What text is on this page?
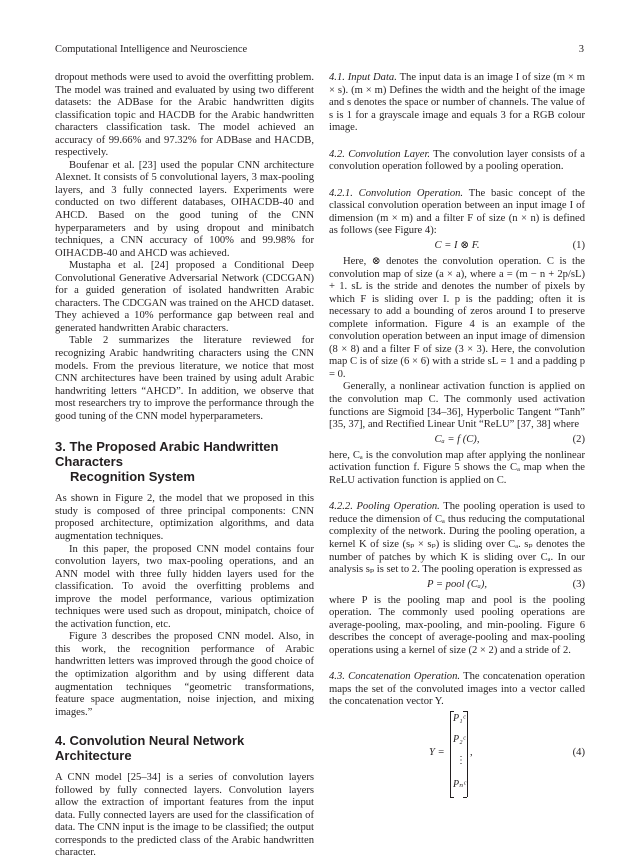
Computational Intelligence and Neuroscience	3

dropout methods were used to avoid the overfitting problem. The model was trained and evaluated by using two different datasets: the ADBase for the Arabic handwritten digits classification topic and HACDB for the Arabic handwritten characters classification task. The model achieved an accuracy of 99.66% and 97.32% for ADBase and HACDB, respectively.

Boufenar et al. [23] used the popular CNN architecture Alexnet. It consists of 5 convolutional layers, 3 max-pooling layers, and 3 fully connected layers. Experiments were conducted on two different databases, OIHACDB-40 and AHCD. Based on the good tuning of the CNN hyperparameters and by using dropout and minibatch techniques, a CNN accuracy of 100% and 99.98% for OIHACDB-40 and AHCD was achieved.

Mustapha et al. [24] proposed a Conditional Deep Convolutional Generative Adversarial Network (CDCGAN) for a guided generation of isolated handwritten Arabic characters. The CDCGAN was trained on the AHCD dataset. They achieved a 10% performance gap between real and generated handwritten Arabic characters.

Table 2 summarizes the literature reviewed for recognizing Arabic handwriting characters using the CNN models. From the previous literature, we notice that most CNN architectures have been trained by using adult Arabic handwriting letters “AHCD”. In addition, we observe that most researchers try to improve the performance through the good tuning of the CNN model hyperparameters.

3. The Proposed Arabic Handwritten Characters
Recognition System

As shown in Figure 2, the model that we proposed in this study is composed of three principal components: CNN proposed architecture, optimization algorithms, and data augmentation techniques.

In this paper, the proposed CNN model contains four convolution layers, two max-pooling operations, and an ANN model with three fully hidden layers used for the classification. To avoid the overfitting problems and improve the model performance, various optimization techniques were used such as dropout, minipatch, choice of the activation function, etc.

Figure 3 describes the proposed CNN model. Also, in this work, the recognition performance of Arabic handwritten letters was improved through the good choice of the optimization algorithm and by using different data augmentation techniques “geometric transformations, feature space augmentation, noise injection, and mixing images.”

4. Convolution Neural Network Architecture

A CNN model [25–34] is a series of convolution layers followed by fully connected layers. Convolution layers allow the extraction of important features from the input data. Fully connected layers are used for the classification of data. The CNN input is the image to be classified; the output corresponds to the predicted class of the Arabic handwritten character.

4.1. Input Data. The input data is an image I of size (m × m × s). (m × m) Defines the width and the height of the image and s denotes the space or number of channels. The value of s is 1 for a grayscale image and equals 3 for a RGB colour image.

4.2. Convolution Layer. The convolution layer consists of a convolution operation followed by a pooling operation.

4.2.1. Convolution Operation. The basic concept of the classical convolution operation between an input image I of dimension (m × m) and a filter F of size (n × n) is defined as follows (see Figure 4):

C = I ⊗ F.	(1)

Here, ⊗ denotes the convolution operation. C is the convolution map of size (a × a), where a = (m − n + 2p/sL) + 1. sL is the stride and denotes the number of pixels by which F is sliding over I. p is the padding; often it is necessary to add a bounding of zeros around I to preserve complete information. Figure 4 is an example of the convolution operation between an input image of dimension (8 × 8) and a filter F of size (3 × 3). Here, the convolution map C is of size (6 × 6) with a stride sL = 1 and a padding p = 0.

Generally, a nonlinear activation function is applied on the convolution map C. The commonly used activation functions are Sigmoid [34–36], Hyperbolic Tangent “Tanh” [35, 37], and Rectified Linear Unit “ReLU” [37, 38] where

Cₐ = f (C),	(2)

here, Cₐ is the convolution map after applying the nonlinear activation function f. Figure 5 shows the Cₐ map when the ReLU activation function is applied on C.

4.2.2. Pooling Operation. The pooling operation is used to reduce the dimension of Cₐ thus reducing the computational complexity of the network. During the pooling operation, a kernel K of size (sₚ × sₚ) is sliding over Cₐ. sₚ denotes the number of patches by which K is sliding over Cₐ. In our analysis sₚ is set to 2. The pooling operation is expressed as

P = pool (Cₐ),	(3)

where P is the pooling map and pool is the pooling operation. The commonly used pooling operations are average-pooling, max-pooling, and min-pooling. Figure 6 describes the concept of average-pooling and max-pooling operations using a kernel of size (2 × 2) and a stride of 2.

4.3. Concatenation Operation. The concatenation operation maps the set of the convoluted images into a vector called the concatenation vector Y.

Y =
P₁ᶜ
P₂ᶜ
⋮
Pₙᶜ
,	(4)
